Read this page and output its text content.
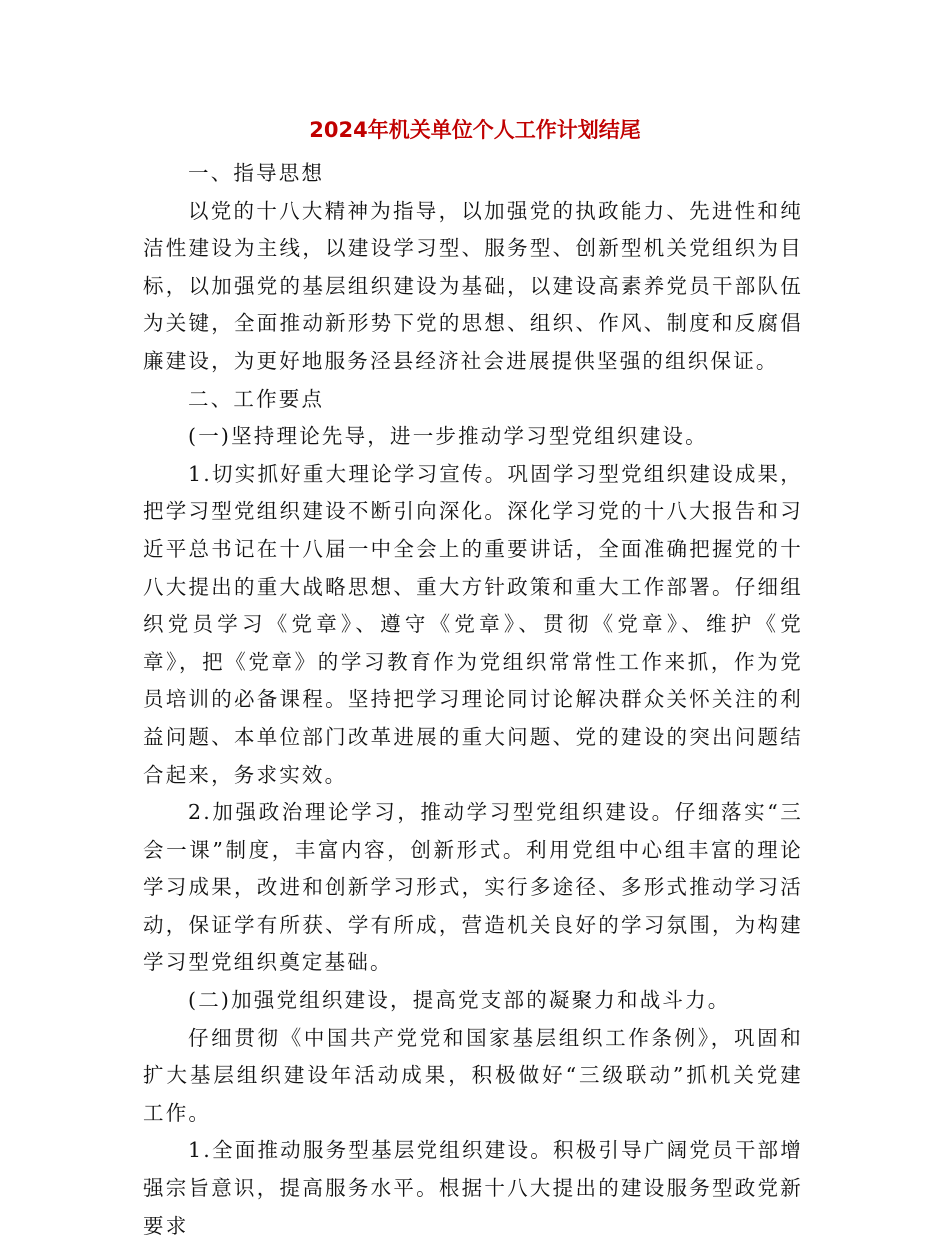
2024年机关单位个人工作计划结尾

一、指导思想

以党的十八大精神为指导，以加强党的执政能力、先进性和纯洁性建设为主线，以建设学习型、服务型、创新型机关党组织为目标，以加强党的基层组织建设为基础，以建设高素养党员干部队伍为关键，全面推动新形势下党的思想、组织、作风、制度和反腐倡廉建设，为更好地服务泾县经济社会进展提供坚强的组织保证。

二、工作要点

(一)坚持理论先导，进一步推动学习型党组织建设。

1.切实抓好重大理论学习宣传。巩固学习型党组织建设成果，把学习型党组织建设不断引向深化。深化学习党的十八大报告和习近平总书记在十八届一中全会上的重要讲话，全面准确把握党的十八大提出的重大战略思想、重大方针政策和重大工作部署。仔细组织党员学习《党章》、遵守《党章》、贯彻《党章》、维护《党章》，把《党章》的学习教育作为党组织常常性工作来抓，作为党员培训的必备课程。坚持把学习理论同讨论解决群众关怀关注的利益问题、本单位部门改革进展的重大问题、党的建设的突出问题结合起来，务求实效。

2.加强政治理论学习，推动学习型党组织建设。仔细落实“三会一课”制度，丰富内容，创新形式。利用党组中心组丰富的理论学习成果，改进和创新学习形式，实行多途径、多形式推动学习活动，保证学有所获、学有所成，营造机关良好的学习氛围，为构建学习型党组织奠定基础。

(二)加强党组织建设，提高党支部的凝聚力和战斗力。

仔细贯彻《中国共产党党和国家基层组织工作条例》，巩固和扩大基层组织建设年活动成果，积极做好“三级联动”抓机关党建工作。

1.全面推动服务型基层党组织建设。积极引导广阔党员干部增强宗旨意识，提高服务水平。根据十八大提出的建设服务型政党新要求
